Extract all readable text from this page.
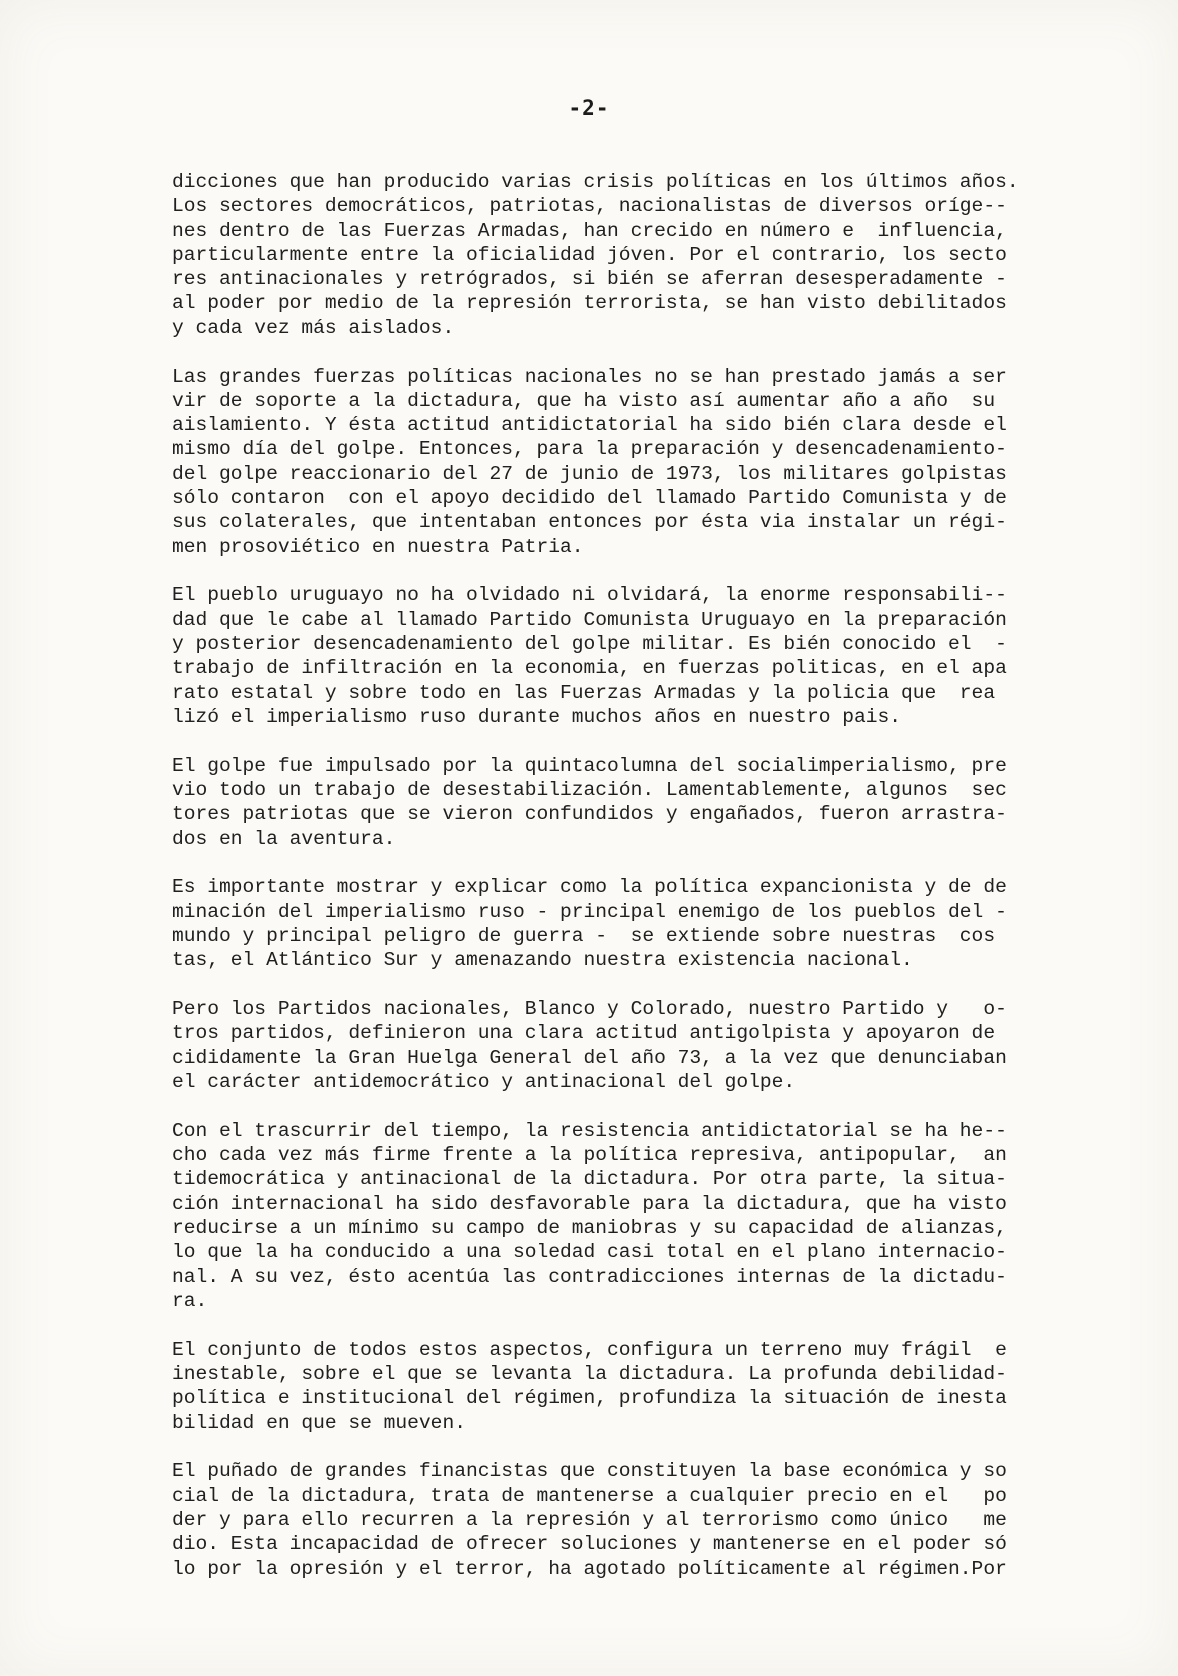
-2-
dicciones que han producido varias crisis políticas en los últimos años.
Los sectores democráticos, patriotas, nacionalistas de diversos oríge--
nes dentro de las Fuerzas Armadas, han crecido en número e  influencia,
particularmente entre la oficialidad jóven. Por el contrario, los secto
res antinacionales y retrógrados, si bién se aferran desesperadamente -
al poder por medio de la represión terrorista, se han visto debilitados
y cada vez más aislados.
Las grandes fuerzas políticas nacionales no se han prestado jamás a ser
vir de soporte a la dictadura, que ha visto así aumentar año a año  su
aislamiento. Y ésta actitud antidictatorial ha sido bién clara desde el
mismo día del golpe. Entonces, para la preparación y desencadenamiento-
del golpe reaccionario del 27 de junio de 1973, los militares golpistas
sólo contaron  con el apoyo decidido del llamado Partido Comunista y de
sus colaterales, que intentaban entonces por ésta via instalar un régi-
men prosoviético en nuestra Patria.
El pueblo uruguayo no ha olvidado ni olvidará, la enorme responsabili--
dad que le cabe al llamado Partido Comunista Uruguayo en la preparación
y posterior desencadenamiento del golpe militar. Es bién conocido el  -
trabajo de infiltración en la economia, en fuerzas politicas, en el apa
rato estatal y sobre todo en las Fuerzas Armadas y la policia que  rea
lizó el imperialismo ruso durante muchos años en nuestro pais.
El golpe fue impulsado por la quintacolumna del socialimperialismo, pre
vio todo un trabajo de desestabilización. Lamentablemente, algunos  sec
tores patriotas que se vieron confundidos y engañados, fueron arrastra-
dos en la aventura.
Es importante mostrar y explicar como la política expancionista y de de
minación del imperialismo ruso - principal enemigo de los pueblos del -
mundo y principal peligro de guerra -  se extiende sobre nuestras  cos
tas, el Atlántico Sur y amenazando nuestra existencia nacional.
Pero los Partidos nacionales, Blanco y Colorado, nuestro Partido y   o-
tros partidos, definieron una clara actitud antigolpista y apoyaron de
cididamente la Gran Huelga General del año 73, a la vez que denunciaban
el carácter antidemocrático y antinacional del golpe.
Con el trascurrir del tiempo, la resistencia antidictatorial se ha he--
cho cada vez más firme frente a la política represiva, antipopular,  an
tidemocrática y antinacional de la dictadura. Por otra parte, la situa-
ción internacional ha sido desfavorable para la dictadura, que ha visto
reducirse a un mínimo su campo de maniobras y su capacidad de alianzas,
lo que la ha conducido a una soledad casi total en el plano internacio-
nal. A su vez, ésto acentúa las contradicciones internas de la dictadu-
ra.
El conjunto de todos estos aspectos, configura un terreno muy frágil  e
inestable, sobre el que se levanta la dictadura. La profunda debilidad-
política e institucional del régimen, profundiza la situación de inesta
bilidad en que se mueven.
El puñado de grandes financistas que constituyen la base económica y so
cial de la dictadura, trata de mantenerse a cualquier precio en el   po
der y para ello recurren a la represión y al terrorismo como único   me
dio. Esta incapacidad de ofrecer soluciones y mantenerse en el poder só
lo por la opresión y el terror, ha agotado políticamente al régimen.Por
